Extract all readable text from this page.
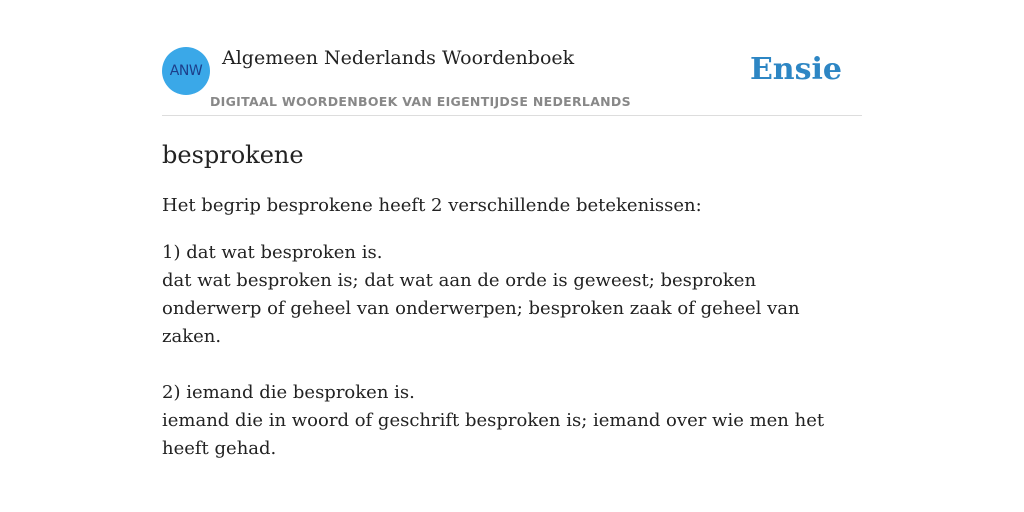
ANW
Algemeen Nederlands Woordenboek
DIGITAAL WOORDENBOEK VAN EIGENTIJDSE NEDERLANDS
Ensie
besprokene
Het begrip besprokene heeft 2 verschillende betekenissen:

1) dat wat besproken is.

dat wat besproken is; dat wat aan de orde is geweest; besproken onderwerp of geheel van onderwerpen; besproken zaak of geheel van zaken.

2) iemand die besproken is.

iemand die in woord of geschrift besproken is; iemand over wie men het heeft gehad.
